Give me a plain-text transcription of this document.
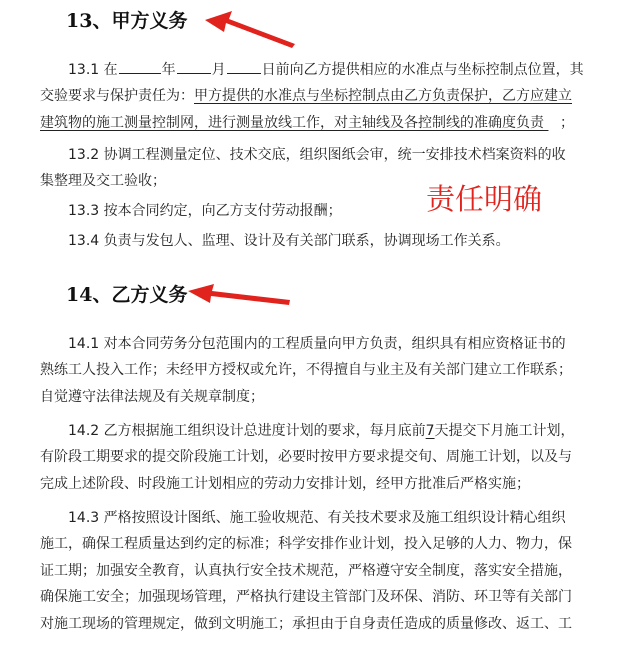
13、甲方义务
13.1 在	年	月	日前向乙方提供相应的水准点与坐标控制点位置，其
交验要求与保护责任为：甲方提供的水准点与坐标控制点由乙方负责保护，乙方应建立
建筑物的施工测量控制网，进行测量放线工作，对主轴线及各控制线的准确度负责 ；
13.2 协调工程测量定位、技术交底，组织图纸会审，统一安排技术档案资料的收
集整理及交工验收；
13.3 按本合同约定，向乙方支付劳动报酬；
13.4 负责与发包人、监理、设计及有关部门联系，协调现场工作关系。
责任明确
14、乙方义务
14.1 对本合同劳务分包范围内的工程质量向甲方负责，组织具有相应资格证书的
熟练工人投入工作；未经甲方授权或允许，不得擅自与业主及有关部门建立工作联系；
自觉遵守法律法规及有关规章制度；
14.2 乙方根据施工组织设计总进度计划的要求，每月底前7天提交下月施工计划，
有阶段工期要求的提交阶段施工计划，必要时按甲方要求提交旬、周施工计划，以及与
完成上述阶段、时段施工计划相应的劳动力安排计划，经甲方批准后严格实施；
14.3 严格按照设计图纸、施工验收规范、有关技术要求及施工组织设计精心组织
施工，确保工程质量达到约定的标准；科学安排作业计划，投入足够的人力、物力，保
证工期；加强安全教育，认真执行安全技术规范，严格遵守安全制度，落实安全措施，
确保施工安全；加强现场管理，严格执行建设主管部门及环保、消防、环卫等有关部门
对施工现场的管理规定，做到文明施工；承担由于自身责任造成的质量修改、返工、工
